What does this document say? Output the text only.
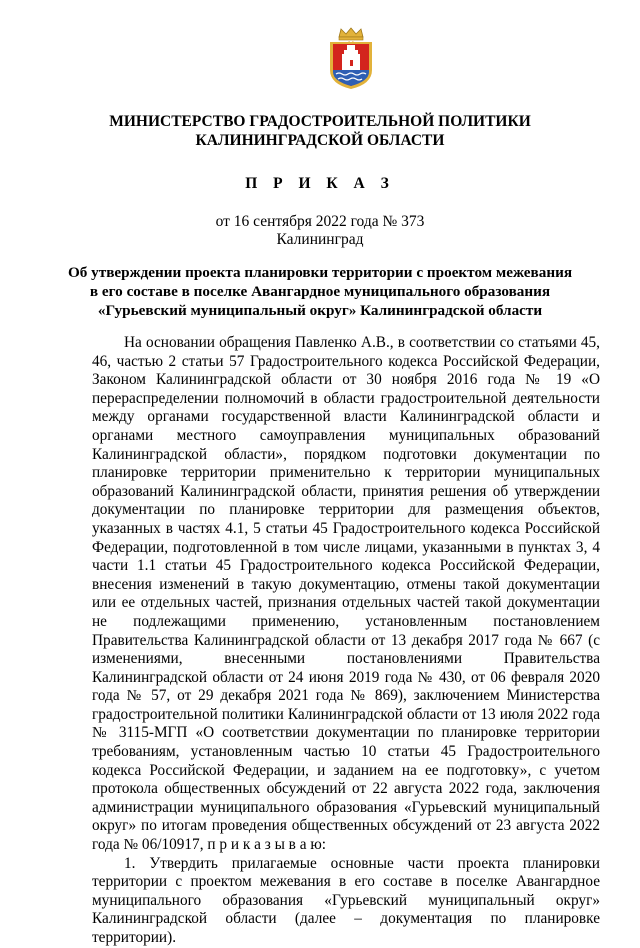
МИНИСТЕРСТВО ГРАДОСТРОИТЕЛЬНОЙ ПОЛИТИКИ
КАЛИНИНГРАДСКОЙ ОБЛАСТИ
П Р И К А З
от 16 сентября 2022 года № 373
Калининград
Об утверждении проекта планировки территории с проектом межевания
в его составе в поселке Авангардное муниципального образования
«Гурьевский муниципальный округ» Калининградской области

На основании обращения Павленко А.В., в соответствии со статьями 45, 46, частью 2 статьи 57 Градостроительного кодекса Российской Федерации, Законом Калининградской области от 30 ноября 2016 года № 19 «О перераспределении полномочий в области градостроительной деятельности между органами государственной власти Калининградской области и органами местного самоуправления муниципальных образований Калининградской области», порядком подготовки документации по планировке территории применительно к территории муниципальных образований Калининградской области, принятия решения об утверждении документации по планировке территории для размещения объектов, указанных в частях 4.1, 5 статьи 45 Градостроительного кодекса Российской Федерации, подготовленной в том числе лицами, указанными в пунктах 3, 4 части 1.1 статьи 45 Градостроительного кодекса Российской Федерации, внесения изменений в такую документацию, отмены такой документации или ее отдельных частей, признания отдельных частей такой документации не подлежащими применению, установленным постановлением Правительства Калининградской области от 13 декабря 2017 года № 667 (с изменениями, внесенными постановлениями Правительства Калининградской области от 24 июня 2019 года № 430, от 06 февраля 2020 года № 57, от 29 декабря 2021 года № 869), заключением Министерства градостроительной политики Калининградской области от 13 июля 2022 года № 3115-МГП «О соответствии документации по планировке территории требованиям, установленным частью 10 статьи 45 Градостроительного кодекса Российской Федерации, и заданием на ее подготовку», с учетом протокола общественных обсуждений от 22 августа 2022 года, заключения администрации муниципального образования «Гурьевский муниципальный округ» по итогам проведения общественных обсуждений от 23 августа 2022 года № 06/10917, п р и к а з ы в а ю:

1. Утвердить прилагаемые основные части проекта планировки территории с проектом межевания в его составе в поселке Авангардное муниципального образования «Гурьевский муниципальный округ» Калининградской области (далее – документация по планировке территории).
